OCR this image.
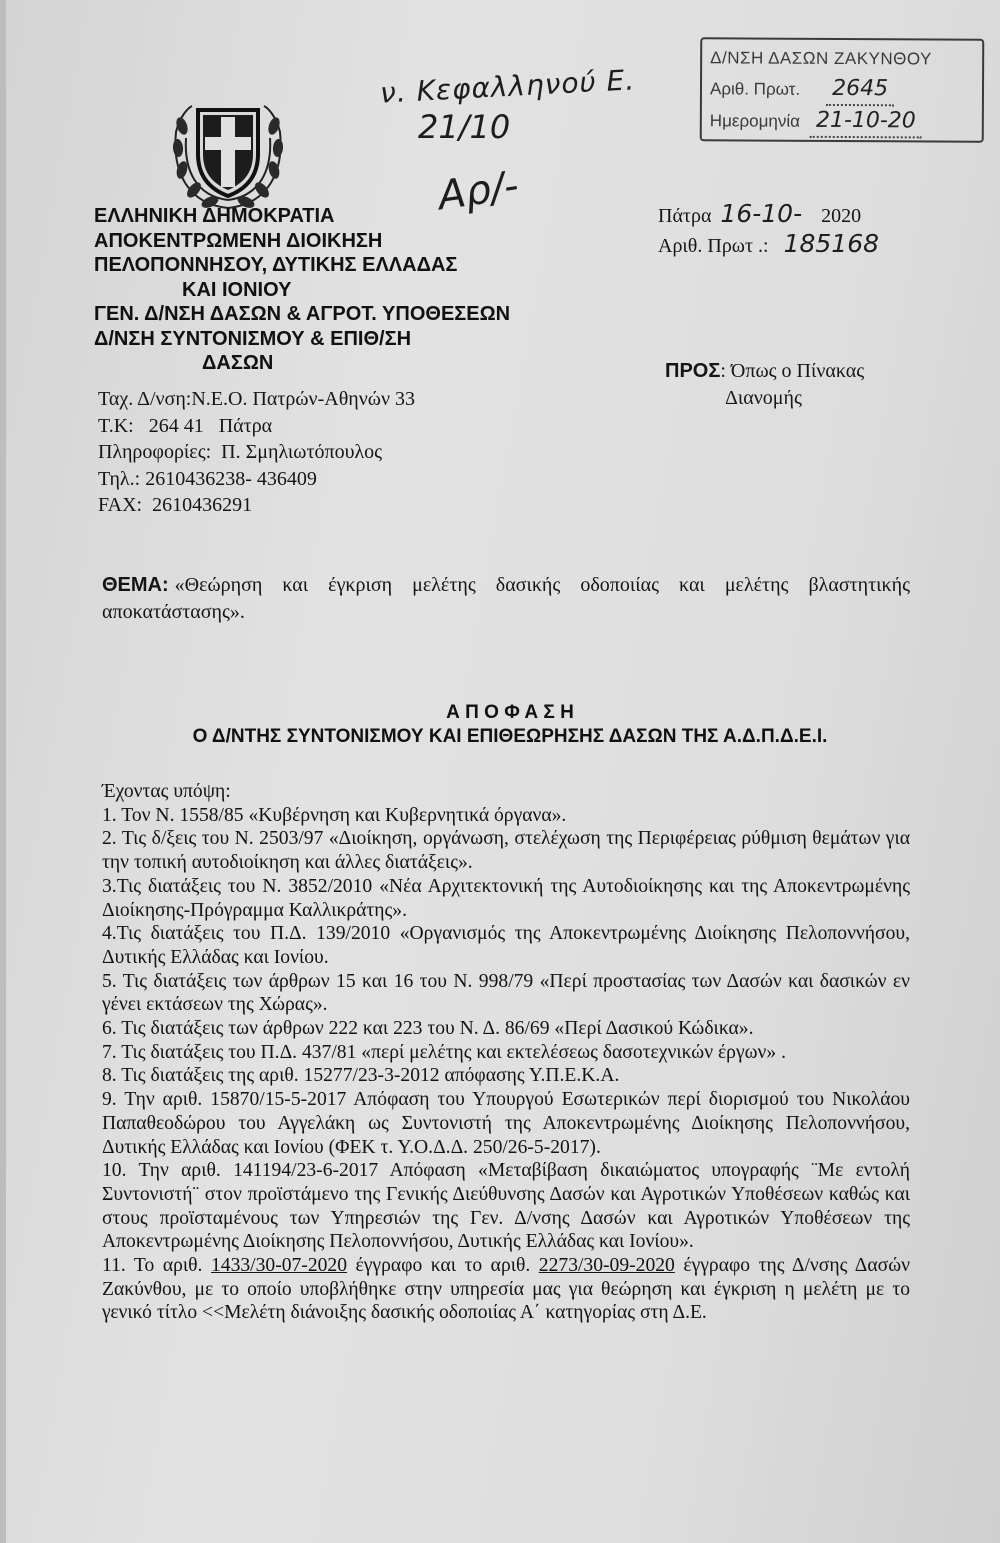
ν. Κεφαλληνού Ε.
21/10
Αρ/-
Δ/ΝΣΗ ΔΑΣΩΝ ΖΑΚΥΝΘΟΥ
Αριθ. Πρωτ. 2645
Ημερομηνία 21-10-20
ΕΛΛΗΝΙΚΗ ΔΗΜΟΚΡΑΤΙΑ
ΑΠΟΚΕΝΤΡΩΜΕΝΗ ΔΙΟΙΚΗΣΗ
ΠΕΛΟΠΟΝΝΗΣΟΥ, ΔΥΤΙΚΗΣ ΕΛΛΑΔΑΣ
ΚΑΙ ΙΟΝΙΟΥ
ΓΕΝ. Δ/ΝΣΗ ΔΑΣΩΝ & ΑΓΡΟΤ. ΥΠΟΘΕΣΕΩΝ
Δ/ΝΣΗ ΣΥΝΤΟΝΙΣΜΟΥ & ΕΠΙΘ/ΣΗ
ΔΑΣΩΝ
Ταχ. Δ/νση:Ν.Ε.Ο. Πατρών-Αθηνών 33
Τ.Κ:   264 41   Πάτρα
Πληροφορίες:  Π. Σμηλιωτόπουλος
Τηλ.: 2610436238- 436409
FAX:  2610436291
Πάτρα 16-10- 2020
Αριθ. Πρωτ .: 185168
ΠΡΟΣ: Όπως ο Πίνακας
Διανομής
ΘΕΜΑ: «Θεώρηση και έγκριση μελέτης δασικής οδοποιίας και μελέτης βλαστητικής αποκατάστασης».
Α Π Ο Φ Α Σ Η
Ο Δ/ΝΤΗΣ ΣΥΝΤΟΝΙΣΜΟΥ ΚΑΙ ΕΠΙΘΕΩΡΗΣΗΣ ΔΑΣΩΝ ΤΗΣ Α.Δ.Π.Δ.Ε.Ι.

Έχοντας υπόψη:

1. Τον Ν. 1558/85 «Κυβέρνηση και Κυβερνητικά όργανα».

2. Τις δ/ξεις του Ν. 2503/97 «Διοίκηση, οργάνωση, στελέχωση της Περιφέρειας ρύθμιση θεμάτων για την τοπική αυτοδιοίκηση και άλλες διατάξεις».

3.Τις διατάξεις του Ν. 3852/2010 «Νέα Αρχιτεκτονική της Αυτοδιοίκησης και της Αποκεντρωμένης Διοίκησης-Πρόγραμμα Καλλικράτης».

4.Τις διατάξεις του Π.Δ. 139/2010 «Οργανισμός της Αποκεντρωμένης Διοίκησης Πελοποννήσου, Δυτικής Ελλάδας και Ιονίου.

5. Τις διατάξεις των άρθρων 15 και 16 του Ν. 998/79 «Περί προστασίας των Δασών και δασικών εν γένει εκτάσεων της Χώρας».

6. Τις διατάξεις των άρθρων 222 και 223 του Ν. Δ. 86/69 «Περί Δασικού Κώδικα».

7. Τις διατάξεις του Π.Δ. 437/81 «περί μελέτης και εκτελέσεως δασοτεχνικών έργων» .

8. Τις διατάξεις της αριθ. 15277/23-3-2012 απόφασης Υ.Π.Ε.Κ.Α.

9. Την αριθ. 15870/15-5-2017 Απόφαση του Υπουργού Εσωτερικών περί διορισμού του Νικολάου Παπαθεοδώρου του Αγγελάκη ως Συντονιστή της Αποκεντρωμένης Διοίκησης Πελοποννήσου, Δυτικής Ελλάδας και Ιονίου (ΦΕΚ τ. Υ.Ο.Δ.Δ. 250/26-5-2017).

10. Την αριθ. 141194/23-6-2017 Απόφαση «Μεταβίβαση δικαιώματος υπογραφής ¨Με εντολή Συντονιστή¨ στον προϊστάμενο της Γενικής Διεύθυνσης Δασών και Αγροτικών Υποθέσεων καθώς και στους προϊσταμένους των Υπηρεσιών της Γεν. Δ/νσης Δασών και Αγροτικών Υποθέσεων της Αποκεντρωμένης Διοίκησης Πελοποννήσου, Δυτικής Ελλάδας και Ιονίου».

11. Το αριθ. 1433/30-07-2020 έγγραφο και το αριθ. 2273/30-09-2020 έγγραφο της Δ/νσης Δασών Ζακύνθου, με το οποίο υποβλήθηκε στην υπηρεσία μας για θεώρηση και έγκριση η μελέτη με το γενικό τίτλο <<Μελέτη διάνοιξης δασικής οδοποιίας Α΄ κατηγορίας στη Δ.Ε.
